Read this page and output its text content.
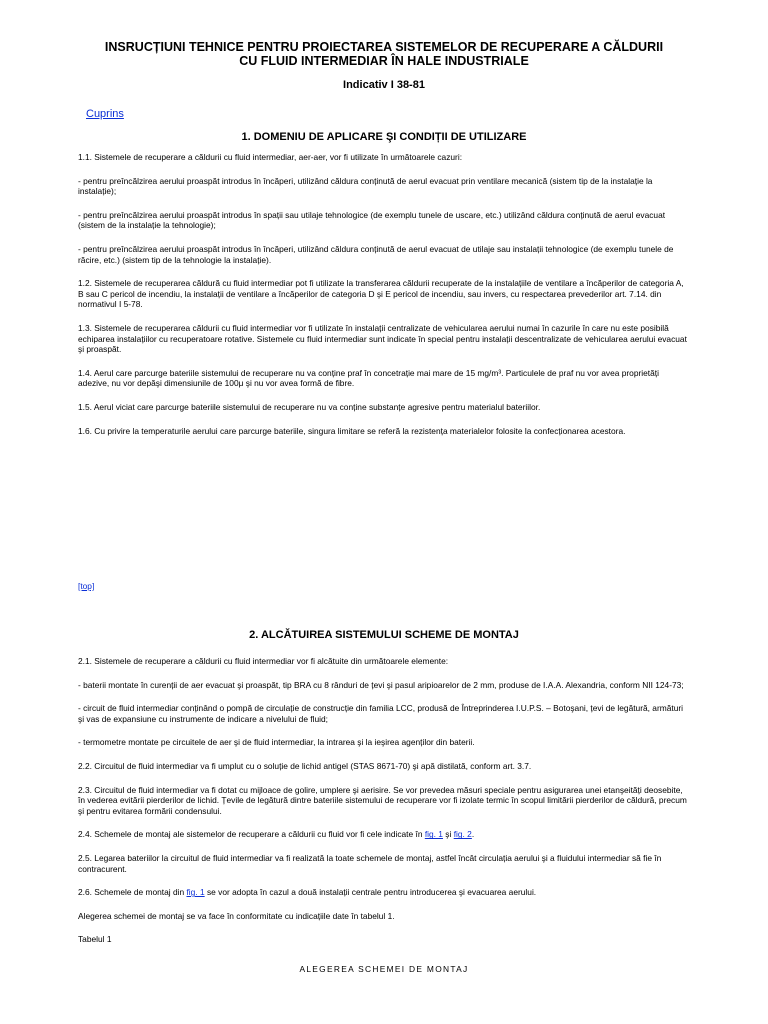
INSRUCȚIUNI TEHNICE PENTRU PROIECTAREA SISTEMELOR DE RECUPERARE A CĂLDURII
CU FLUID INTERMEDIAR ÎN HALE INDUSTRIALE
Indicativ I 38-81
Cuprins
1. DOMENIU DE APLICARE ŞI CONDIȚII DE UTILIZARE

1.1. Sistemele de recuperare a căldurii cu fluid intermediar, aer-aer, vor fi utilizate în următoarele cazuri:

- pentru preîncălzirea aerului proaspăt introdus în încăperi, utilizând căldura conținută de aerul evacuat prin ventilare mecanică (sistem tip de la instalație la instalație);

- pentru preîncălzirea aerului proaspăt introdus în spații sau utilaje tehnologice (de exemplu tunele de uscare, etc.) utilizând căldura conținută de aerul evacuat (sistem de la instalație la tehnologie);

- pentru preîncălzirea aerului proaspăt introdus în încăperi, utilizând căldura conținută de aerul evacuat de utilaje sau instalații tehnologice (de exemplu tunele de răcire, etc.) (sistem tip de la tehnologie la instalație).

1.2. Sistemele de recuperarea căldură cu fluid intermediar pot fi utilizate la transferarea căldurii recuperate de la instalațiile de ventilare a încăperilor de categoria A, B sau C pericol de incendiu, la instalații de ventilare a încăperilor de categoria D şi E pericol de incendiu, sau invers, cu respectarea prevederilor art. 7.14. din normativul I 5-78.

1.3. Sistemele de recuperarea căldurii cu fluid intermediar vor fi utilizate în instalații centralizate de vehicularea aerului numai în cazurile în care nu este posibilă echiparea instalațiilor cu recuperatoare rotative. Sistemele cu fluid intermediar sunt indicate în special pentru instalații descentralizate de vehicularea aerului evacuat şi proaspăt.

1.4. Aerul care parcurge bateriile sistemului de recuperare nu va conține praf în concetrație mai mare de 15 mg/m³. Particulele de praf nu vor avea proprietăți adezive, nu vor depăşi dimensiunile de 100μ şi nu vor avea formă de fibre.

1.5. Aerul viciat care parcurge bateriile sistemului de recuperare nu va conține substanțe agresive pentru materialul bateriilor.

1.6. Cu privire la temperaturile aerului care parcurge bateriile, singura limitare se referă la rezistența materialelor folosite la confecționarea acestora.

[top]
2. ALCĂTUIREA SISTEMULUI SCHEME DE MONTAJ

2.1. Sistemele de recuperare a căldurii cu fluid intermediar vor fi alcătuite din următoarele elemente:

- baterii montate în curenții de aer evacuat şi proaspăt, tip BRA cu 8 rânduri de țevi şi pasul aripioarelor de 2 mm, produse de I.A.A. Alexandria, conform NII 124-73;

- circuit de fluid intermediar conținând o pompă de circulație de construcție din familia LCC, produsă de Întreprinderea I.U.P.S. – Botoşani, țevi de legătură, armături şi vas de expansiune cu instrumente de indicare a nivelului de fluid;

- termometre montate pe circuitele de aer şi de fluid intermediar, la intrarea şi la ieşirea agenților din baterii.

2.2. Circuitul de fluid intermediar va fi umplut cu o soluție de lichid antigel (STAS 8671-70) şi apă distilată, conform art. 3.7.

2.3. Circuitul de fluid intermediar va fi dotat cu mijloace de golire, umplere şi aerisire. Se vor prevedea măsuri speciale pentru asigurarea unei etanşeități deosebite, în vederea evitării pierderilor de lichid. Țevile de legătură dintre bateriile sistemului de recuperare vor fi izolate termic în scopul limitării pierderilor de căldură, precum şi pentru evitarea formării condensului.

2.4. Schemele de montaj ale sistemelor de recuperare a căldurii cu fluid vor fi cele indicate în fig. 1 şi fig. 2.

2.5. Legarea bateriilor la circuitul de fluid intermediar va fi realizată la toate schemele de montaj, astfel încât circulația aerului şi a fluidului intermediar să fie în contracurent.

2.6. Schemele de montaj din fig. 1 se vor adopta în cazul a două instalații centrale pentru introducerea şi evacuarea aerului.

Alegerea schemei de montaj se va face în conformitate cu indicațiile date în tabelul 1.

Tabelul 1

ALEGEREA SCHEMEI DE MONTAJ
